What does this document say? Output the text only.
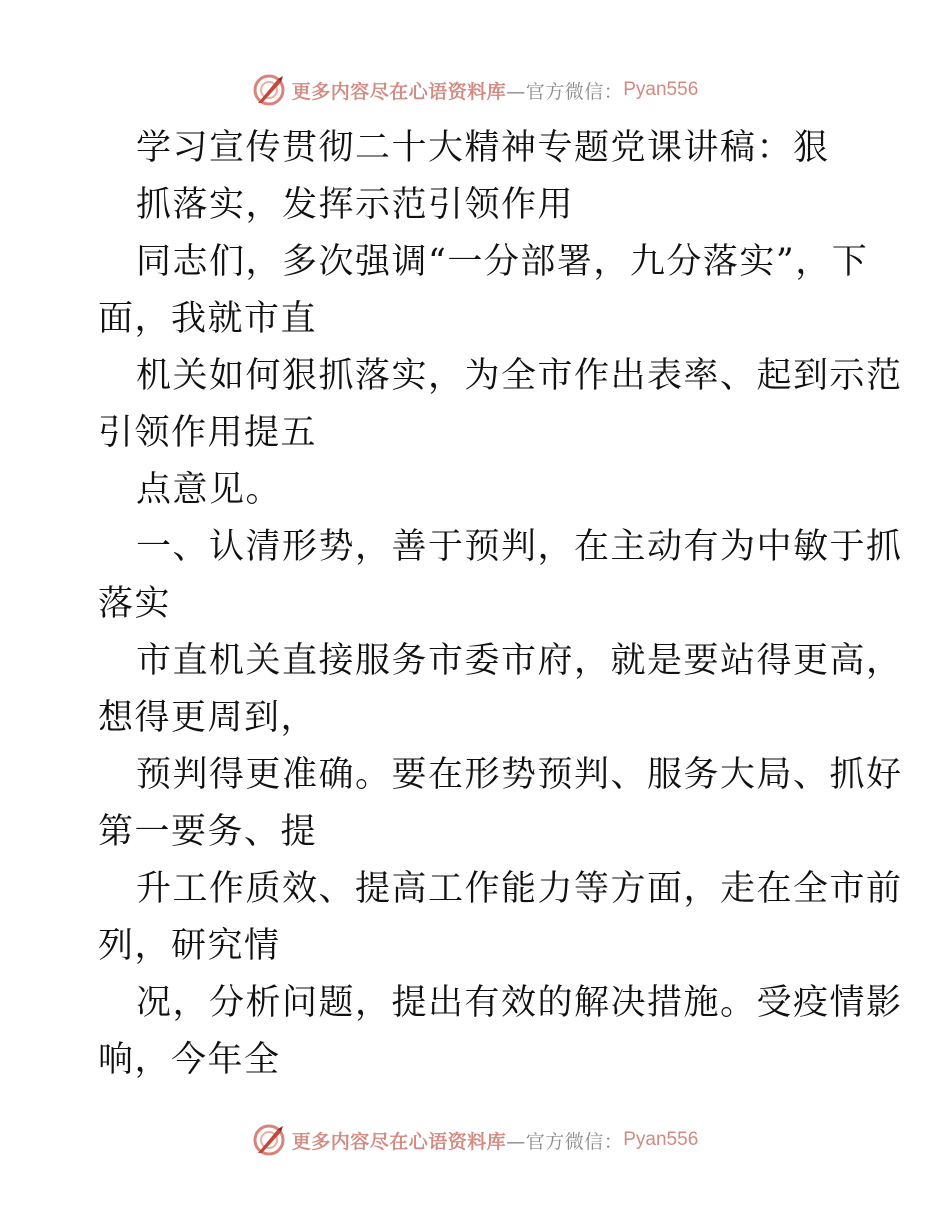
更多内容尽在心语资料库 —官方微信： Pyan556
学习宣传贯彻二十大精神专题党课讲稿：狠
抓落实，发挥示范引领作用
同志们，多次强调“一分部署，九分落实”，下
面，我就市直
机关如何狠抓落实，为全市作出表率、起到示范
引领作用提五
点意见。
一、认清形势，善于预判，在主动有为中敏于抓
落实
市直机关直接服务市委市府，就是要站得更高，
想得更周到，
预判得更准确。要在形势预判、服务大局、抓好
第一要务、提
升工作质效、提高工作能力等方面，走在全市前
列，研究情
况，分析问题，提出有效的解决措施。受疫情影
响，今年全
更多内容尽在心语资料库 —官方微信： Pyan556
